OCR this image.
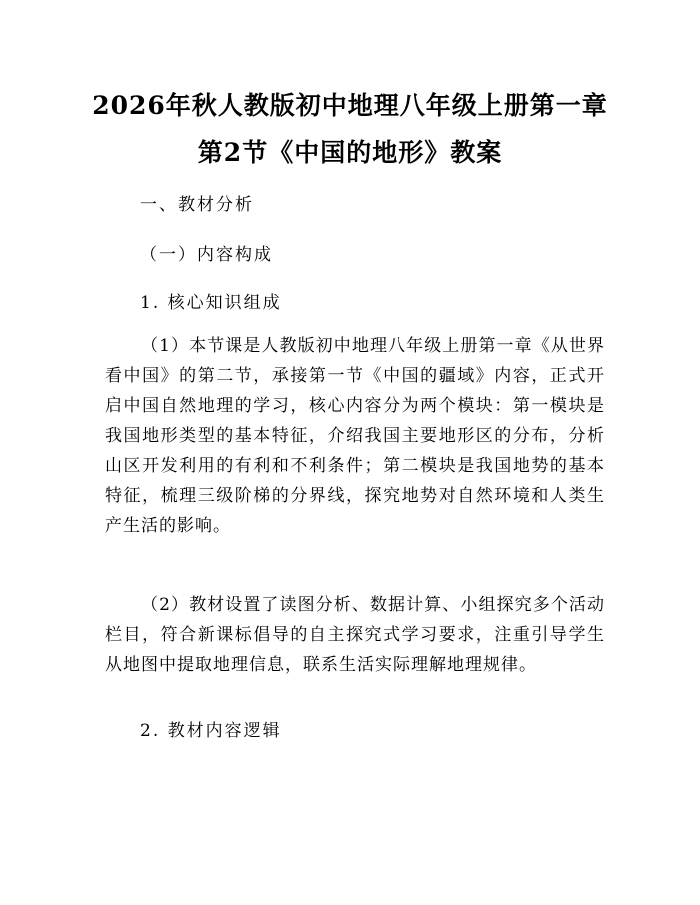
2026年秋人教版初中地理八年级上册第一章
第2节《中国的地形》教案
一、教材分析
（一）内容构成
1. 核心知识组成
（1）本节课是人教版初中地理八年级上册第一章《从世界看中国》的第二节，承接第一节《中国的疆域》内容，正式开启中国自然地理的学习，核心内容分为两个模块：第一模块是我国地形类型的基本特征，介绍我国主要地形区的分布，分析山区开发利用的有利和不利条件；第二模块是我国地势的基本特征，梳理三级阶梯的分界线，探究地势对自然环境和人类生产生活的影响。
（2）教材设置了读图分析、数据计算、小组探究多个活动栏目，符合新课标倡导的自主探究式学习要求，注重引导学生从地图中提取地理信息，联系生活实际理解地理规律。
2. 教材内容逻辑
